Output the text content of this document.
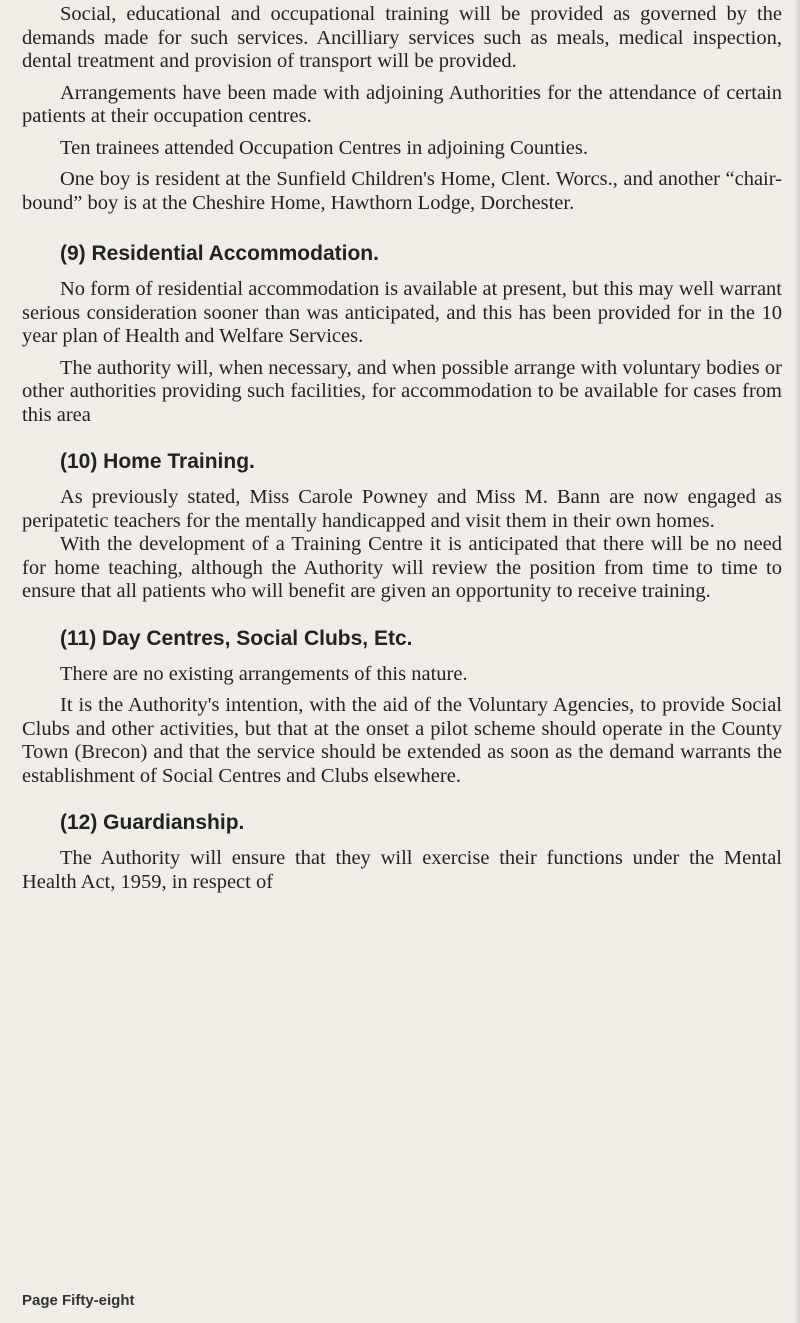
Social, educational and occupational training will be provided as governed by the demands made for such services. Ancilliary services such as meals, medical inspection, dental treatment and provision of transport will be provided.

Arrangements have been made with adjoining Authorities for the attendance of certain patients at their occupation centres.

Ten trainees attended Occupation Centres in adjoining Counties.

One boy is resident at the Sunfield Children's Home, Clent. Worcs., and another “chair-bound” boy is at the Cheshire Home, Hawthorn Lodge, Dorchester.

(9) Residential Accommodation.

No form of residential accommodation is available at present, but this may well warrant serious consideration sooner than was anticipated, and this has been provided for in the 10 year plan of Health and Welfare Services.

The authority will, when necessary, and when possible arrange with voluntary bodies or other authorities providing such facilities, for accommodation to be available for cases from this area

(10) Home Training.

As previously stated, Miss Carole Powney and Miss M. Bann are now engaged as peripatetic teachers for the mentally handicapped and visit them in their own homes.

With the development of a Training Centre it is anticipated that there will be no need for home teaching, although the Authority will review the position from time to time to ensure that all patients who will benefit are given an opportunity to receive training.

(11) Day Centres, Social Clubs, Etc.

There are no existing arrangements of this nature.

It is the Authority's intention, with the aid of the Voluntary Agencies, to provide Social Clubs and other activities, but that at the onset a pilot scheme should operate in the County Town (Brecon) and that the service should be extended as soon as the demand warrants the establishment of Social Centres and Clubs elsewhere.

(12) Guardianship.

The Authority will ensure that they will exercise their functions under the Mental Health Act, 1959, in respect of

Page Fifty-eight
